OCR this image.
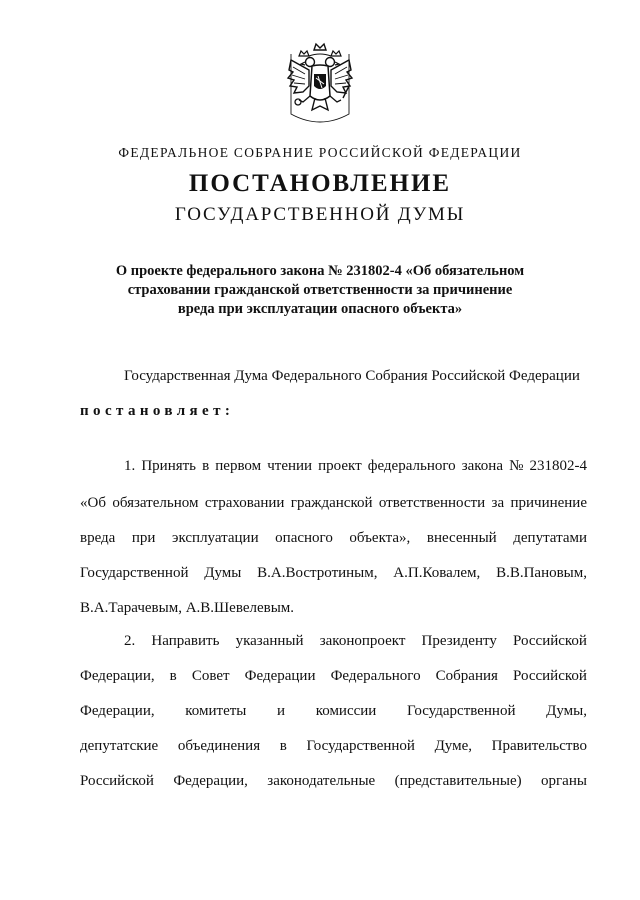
ФЕДЕРАЛЬНОЕ СОБРАНИЕ РОССИЙСКОЙ ФЕДЕРАЦИИ
ПОСТАНОВЛЕНИЕ
ГОСУДАРСТВЕННОЙ ДУМЫ
О проекте федерального закона № 231802-4 «Об обязательном
страховании гражданской ответственности за причинение
вреда при эксплуатации опасного объекта»
Государственная Дума Федерального Собрания Российской Федерации
постановляет:
1. Принять в первом чтении проект федерального закона № 231802-4
«Об обязательном страховании гражданской ответственности за причинение
вреда при эксплуатации опасного объекта», внесенный депутатами
Государственной Думы В.А.Востротиным, А.П.Ковалем, В.В.Пановым,
В.А.Тарачевым, А.В.Шевелевым.
2. Направить указанный законопроект Президенту Российской
Федерации, в Совет Федерации Федерального Собрания Российской
Федерации, комитеты и комиссии Государственной Думы,
депутатские объединения в Государственной Думе, Правительство
Российской Федерации, законодательные (представительные) органы
